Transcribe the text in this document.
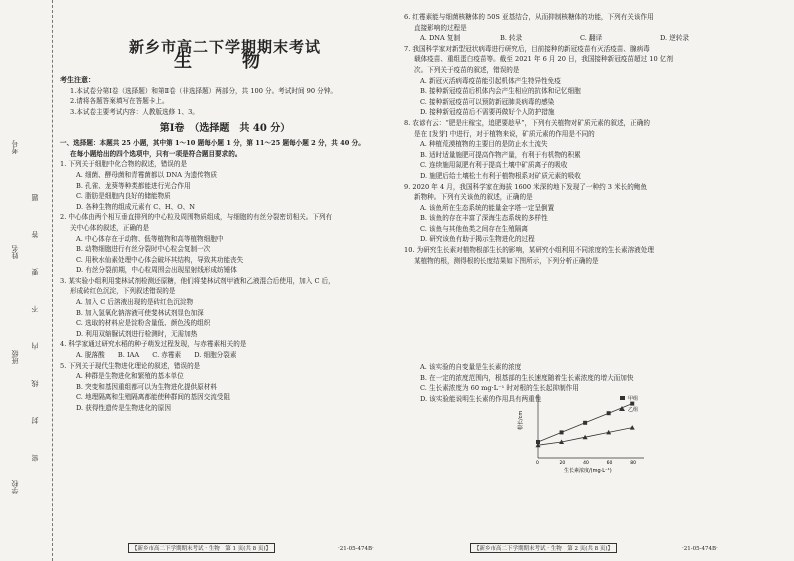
考号
姓名
班级
学校
密 封 线 内 不 要 答 题
新乡市高二下学期期末考试
生　物
考生注意：

1.本试卷分第Ⅰ卷（选择题）和第Ⅱ卷（非选择题）两部分，共 100 分。考试时间 90 分钟。

2.请将各题答案填写在答题卡上。

3.本试卷主要考试内容：人教版选修 1、3。

第Ⅰ卷　（选择题　共 40 分）

一、选择题：本题共 25 小题，其中第 1～10 题每小题 1 分，第 11～25 题每小题 2 分，共 40 分。

在每小题给出的四个选项中，只有一项是符合题目要求的。

1. 下列关于细胞中化合物的叙述，错误的是

A. 细菌、酵母菌和青霉菌都以 DNA 为遗传物质

B. 孔雀、龙葵等种类都能进行光合作用

C. 脂肪是细胞内良好的储能物质

D. 各种生物的组成元素有 C、H、O、N

2. 中心体由两个相互垂直排列的中心粒及周围物质组成，与细胞的有丝分裂密切相关。下列有

关中心体的叙述，正确的是

A. 中心体存在于动物、低等植物和高等植物细胞中

B. 动物细胞进行有丝分裂时中心粒会复制一次

C. 用秋水仙素处理中心体会破坏其结构，导致其功能丧失

D. 有丝分裂前期，中心粒周围会出现星射线形成纺锤体

3. 某实验小组利用斐林试剂检测还原糖，他们将斐林试剂甲液和乙液混合后使用，加入 C 后，

形成砖红色沉淀，下列叙述错误的是

A. 加入 C 后溶液出现的是砖红色沉淀物

B. 加入氢氧化钠溶液可使斐林试剂显色加深

C. 选取的材料应是淀粉含量低、颜色浅的组织

D. 利用双缩脲试剂进行检测时，无需加热

4. 科学家通过研究水稻的种子萌发过程发现，与赤霉素相关的是

A. 脱落酸　　B. IAA　　C. 赤霉素　　D. 细胞分裂素

5. 下列关于现代生物进化理论的叙述，错误的是

A. 种群是生物进化和繁殖的基本单位

B. 突变和基因重组都可以为生物进化提供原材料

C. 地理隔离和生殖隔离都能使种群间的基因交流受阻

D. 获得性遗传是生物进化的原因

6. 红霉素能与细菌核糖体的 50S 亚基结合，从而抑制核糖体的功能，下列有关该作用

直接影响的过程是

A. DNA 复制	B. 转录	C. 翻译	D. 逆转录

7. 我国科学家对新型冠状病毒进行研究后，目前接种的新冠疫苗有灭活疫苗、腺病毒

载体疫苗、重组蛋白疫苗等。截至 2021 年 6 月 20 日，我国接种新冠疫苗超过 10 亿剂

次。下列关于疫苗的叙述，错误的是

A. 新冠灭活病毒疫苗能引起机体产生特异性免疫

B. 接种新冠疫苗后机体内会产生相应的抗体和记忆细胞

C. 接种新冠疫苗可以预防新冠肺炎病毒的感染

D. 接种新冠疫苗后不需要再做好个人防护措施

8. 农谚有云：“肥是庄稼宝，追肥要趁早”，下列有关植物对矿质元素的叙述，正确的

是在 [发芽] 中进行，对于植物来说，矿质元素的作用是不同的

A. 种植荒漠植物的主要目的是防止水土流失

B. 适时适量施肥可提高作物产量，有利于有机物的积累

C. 连续施用氮肥有利于提高土壤中矿质离子的吸收

D. 施肥后给土壤松土有利于植物根系对矿质元素的吸收

9. 2020 年 4 月，我国科学家在海拔 1600 米深的地下发现了一种约 3 米长的鲍鱼

新物种。下列有关该鱼的叙述，正确的是

A. 该鱼所在生态系统的能量金字塔一定呈倒置

B. 该鱼的存在丰富了深海生态系统的多样性

C. 该鱼与其他鱼类之间存在生殖隔离

D. 研究该鱼有助于揭示生物进化的过程

10. 为研究生长素对植物根部生长的影响，某研究小组利用不同浓度的生长素溶液处理

某植物的根，测得根的长度结果如下图所示，下列分析正确的是

A. 该实验的自变量是生长素的浓度

B. 在一定的浓度范围内，根基部的生长速度随着生长素浓度的增大而加快

C. 生长素浓度为 60 mg·L⁻¹ 时对根的生长起抑制作用

D. 该实验能说明生长素的作用具有两重性

根长/cm
生长素浓度/(mg·L⁻¹)
0	20	40	60	80
甲组
乙组
【新乡市高二下学期期末考试 · 生物　第 1 页(共 8 页)】	·21-05-474B·	【新乡市高二下学期期末考试 · 生物　第 2 页(共 8 页)】	·21-05-474B·
